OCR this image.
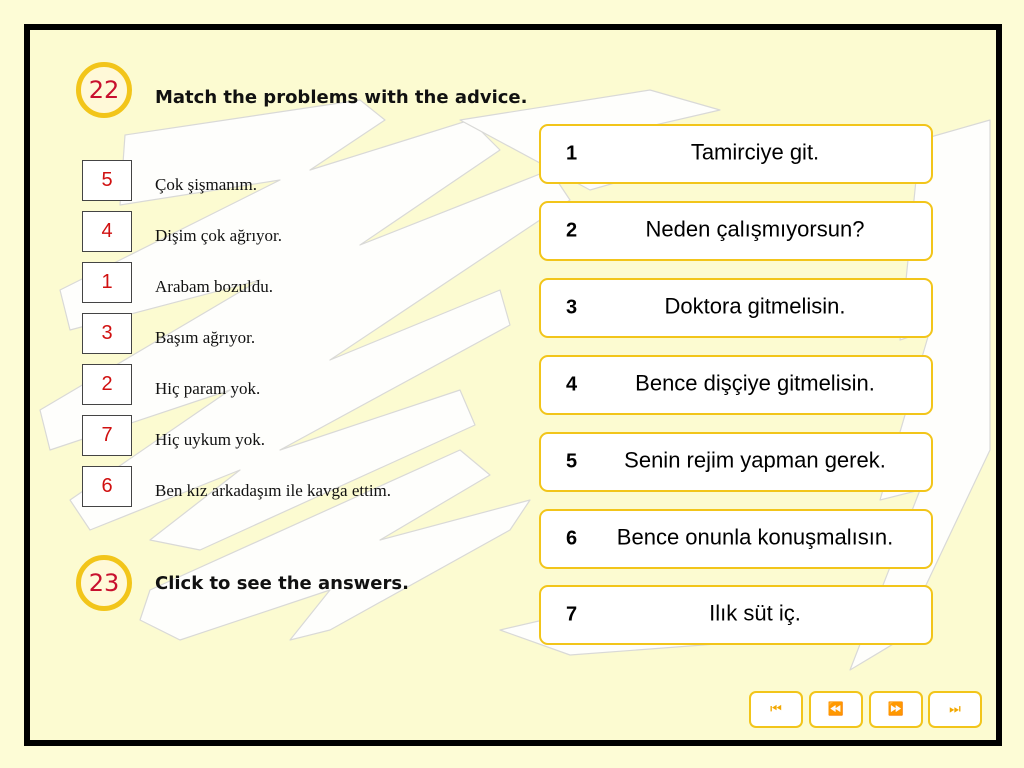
22 Match the problems with the advice.
5	Çok şişmanım.
4	Dişim çok ağrıyor.
1	Arabam bozuldu.
3	Başım ağrıyor.
2	Hiç param yok.
7	Hiç uykum yok.
6	Ben kız arkadaşım ile kavga ettim.
1	Tamirciye git.
2	Neden çalışmıyorsun?
3	Doktora gitmelisin.
4	Bence dişçiye gitmelisin.
5	Senin rejim yapman gerek.
6	Bence onunla konuşmalısın.
7	Ilık süt iç.
23 Click to see the answers.
⏮	⏪	⏩	⏭
